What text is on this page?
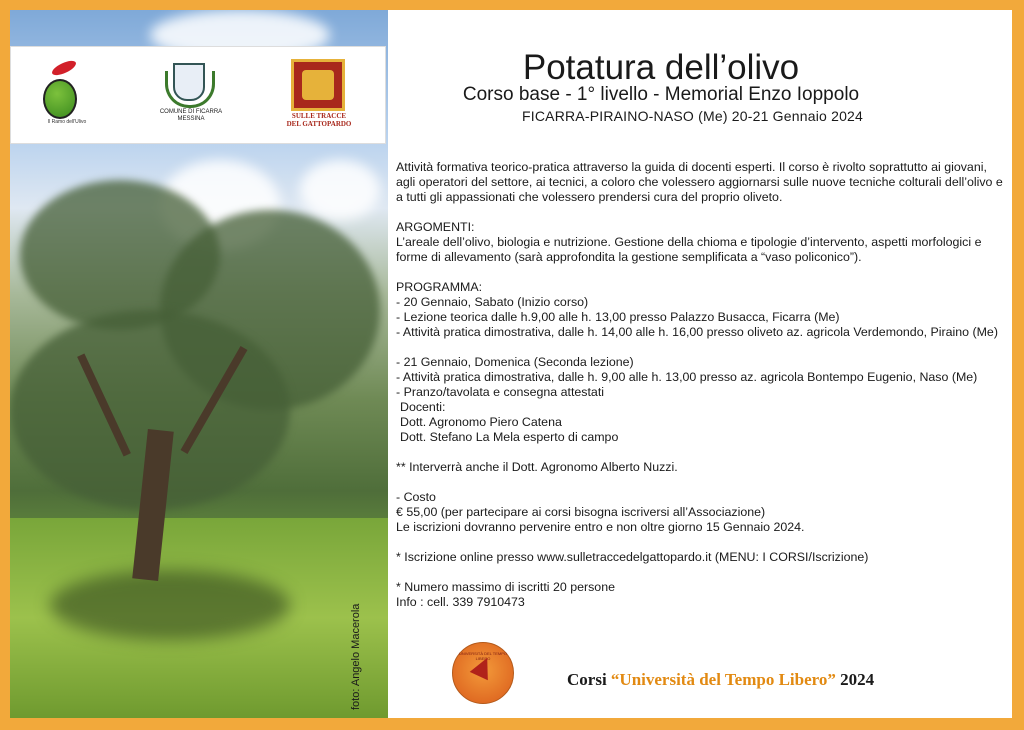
foto: Angelo Macerola
Il Ramo dell'Ulivo
COMUNE DI FICARRA
MESSINA	SULLE TRACCE DEL GATTOPARDO
Potatura dell’olivo
Corso base - 1° livello - Memorial Enzo Ioppolo
FICARRA-PIRAINO-NASO (Me) 20-21 Gennaio 2024

Attività formativa teorico-pratica attraverso la guida di docenti esperti. Il corso è rivolto soprattutto ai giovani, agli operatori del settore, ai tecnici, a coloro che volessero aggiornarsi sulle nuove tecniche colturali dell’olivo e a tutti gli appassionati che volessero prendersi cura del proprio oliveto.

ARGOMENTI:

L’areale dell’olivo, biologia e nutrizione. Gestione della chioma e tipologie d’intervento, aspetti morfologici e forme di allevamento (sarà approfondita la gestione semplificata a “vaso policonico”).

PROGRAMMA:

- 20 Gennaio, Sabato (Inizio corso)

- Lezione teorica dalle h.9,00 alle h. 13,00 presso Palazzo Busacca, Ficarra (Me)

- Attività pratica dimostrativa, dalle h. 14,00 alle h. 16,00 presso oliveto az. agricola Verdemondo, Piraino (Me)

- 21 Gennaio, Domenica (Seconda lezione)

- Attività pratica dimostrativa, dalle h. 9,00 alle h. 13,00 presso az. agricola Bontempo Eugenio, Naso (Me)

- Pranzo/tavolata e consegna attestati

Docenti:

Dott. Agronomo Piero Catena

Dott. Stefano La Mela esperto di campo

** Interverrà anche il Dott. Agronomo Alberto Nuzzi.

- Costo

€ 55,00 (per partecipare ai corsi bisogna iscriversi all’Associazione)

Le iscrizioni dovranno pervenire entro e non oltre giorno 15 Gennaio 2024.

* Iscrizione online presso www.sulletraccedelgattopardo.it (MENU: I CORSI/Iscrizione)

* Numero massimo di iscritti 20 persone

Info : cell. 339 7910473

UNIVERSITÀ DEL TEMPO LIBERO
Corsi “Università del Tempo Libero” 2024
